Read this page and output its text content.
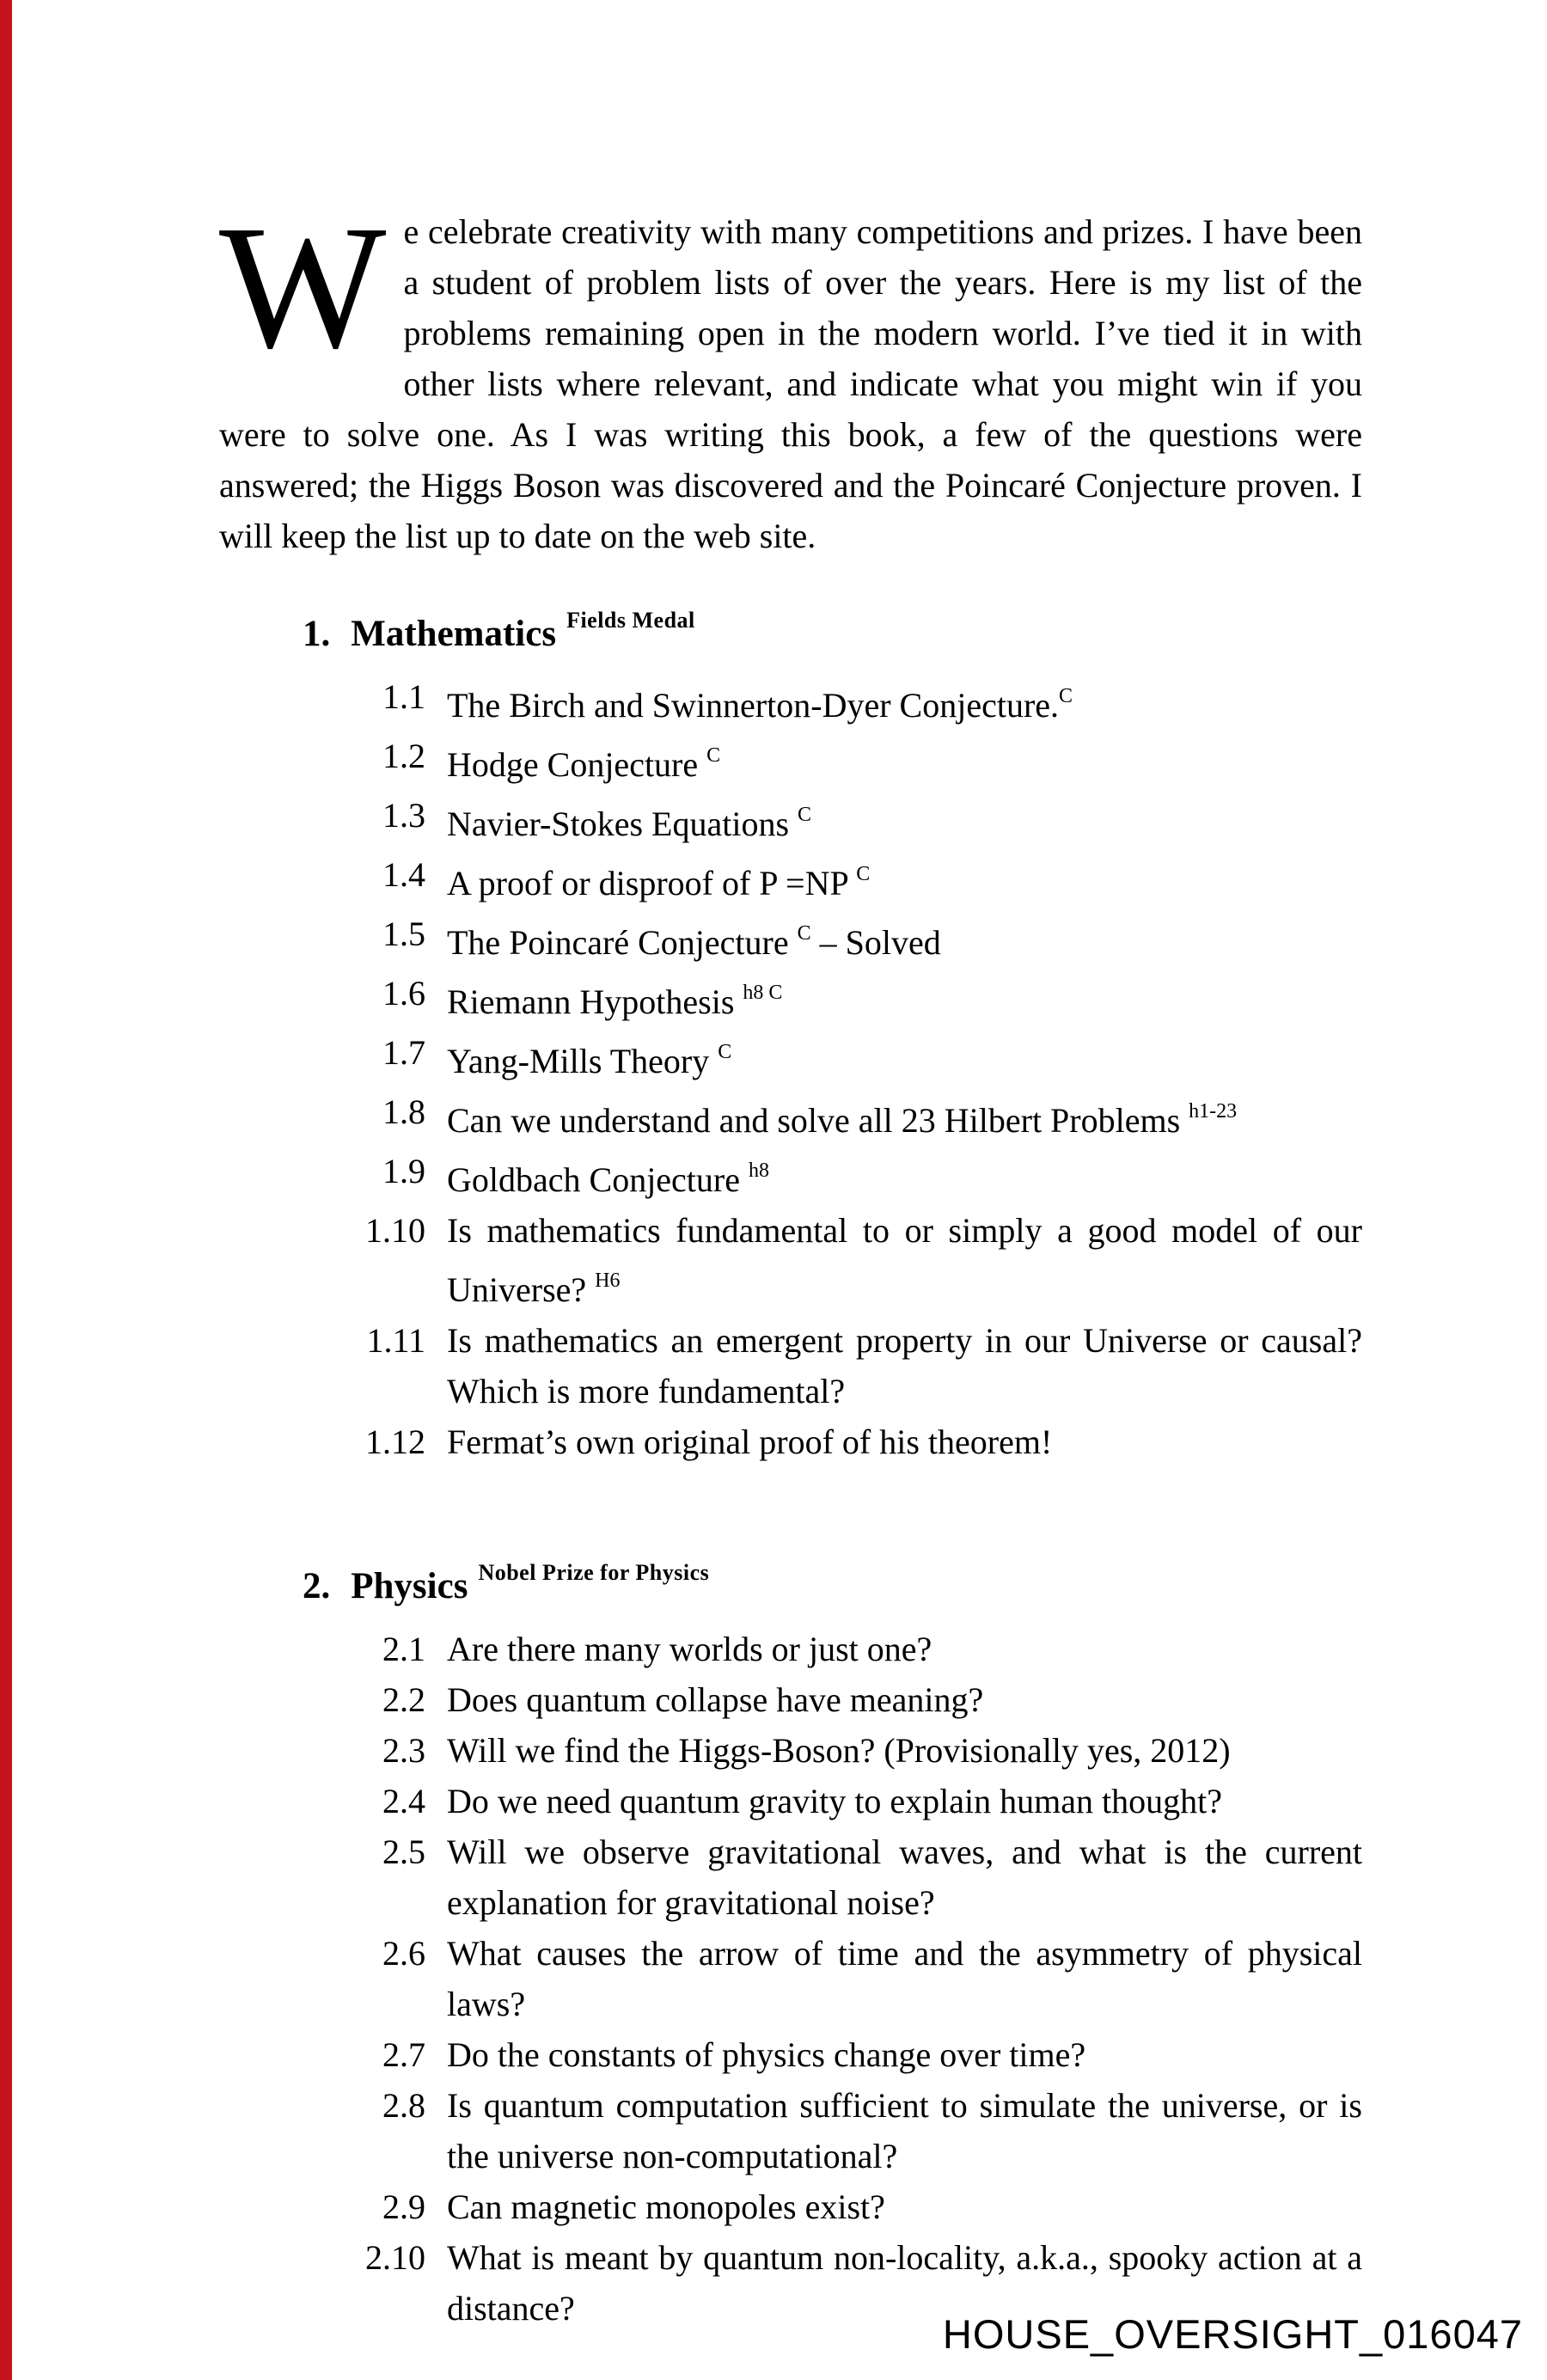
We celebrate creativity with many competitions and prizes. I have been a student of problem lists of over the years. Here is my list of the problems remaining open in the modern world. I’ve tied it in with other lists where relevant, and indicate what you might win if you were to solve one. As I was writing this book, a few of the questions were answered; the Higgs Boson was discovered and the Poincaré Conjecture proven. I will keep the list up to date on the web site.
1. Mathematics $^{Fields Medal}$
1.1 The Birch and Swinnerton-Dyer Conjecture.$^C$
1.2 Hodge Conjecture $^C$
1.3 Navier-Stokes Equations $^C$
1.4 A proof or disproof of P =NP $^C$
1.5 The Poincaré Conjecture $^C$ – Solved
1.6 Riemann Hypothesis $^{h8 C}$
1.7 Yang-Mills Theory $^C$
1.8 Can we understand and solve all 23 Hilbert Problems $^{h1-23}$
1.9 Goldbach Conjecture $^{h8}$
1.10 Is mathematics fundamental to or simply a good model of our Universe? $^{H6}$
1.11 Is mathematics an emergent property in our Universe or causal? Which is more fundamental?
1.12 Fermat’s own original proof of his theorem!
2. Physics $^{Nobel Prize for Physics}$
2.1 Are there many worlds or just one?
2.2 Does quantum collapse have meaning?
2.3 Will we find the Higgs-Boson? (Provisionally yes, 2012)
2.4 Do we need quantum gravity to explain human thought?
2.5 Will we observe gravitational waves, and what is the current explanation for gravitational noise?
2.6 What causes the arrow of time and the asymmetry of physical laws?
2.7 Do the constants of physics change over time?
2.8 Is quantum computation sufficient to simulate the universe, or is the universe non-computational?
2.9 Can magnetic monopoles exist?
2.10 What is meant by quantum non-locality, a.k.a., spooky action at a distance?
HOUSE_OVERSIGHT_016047
